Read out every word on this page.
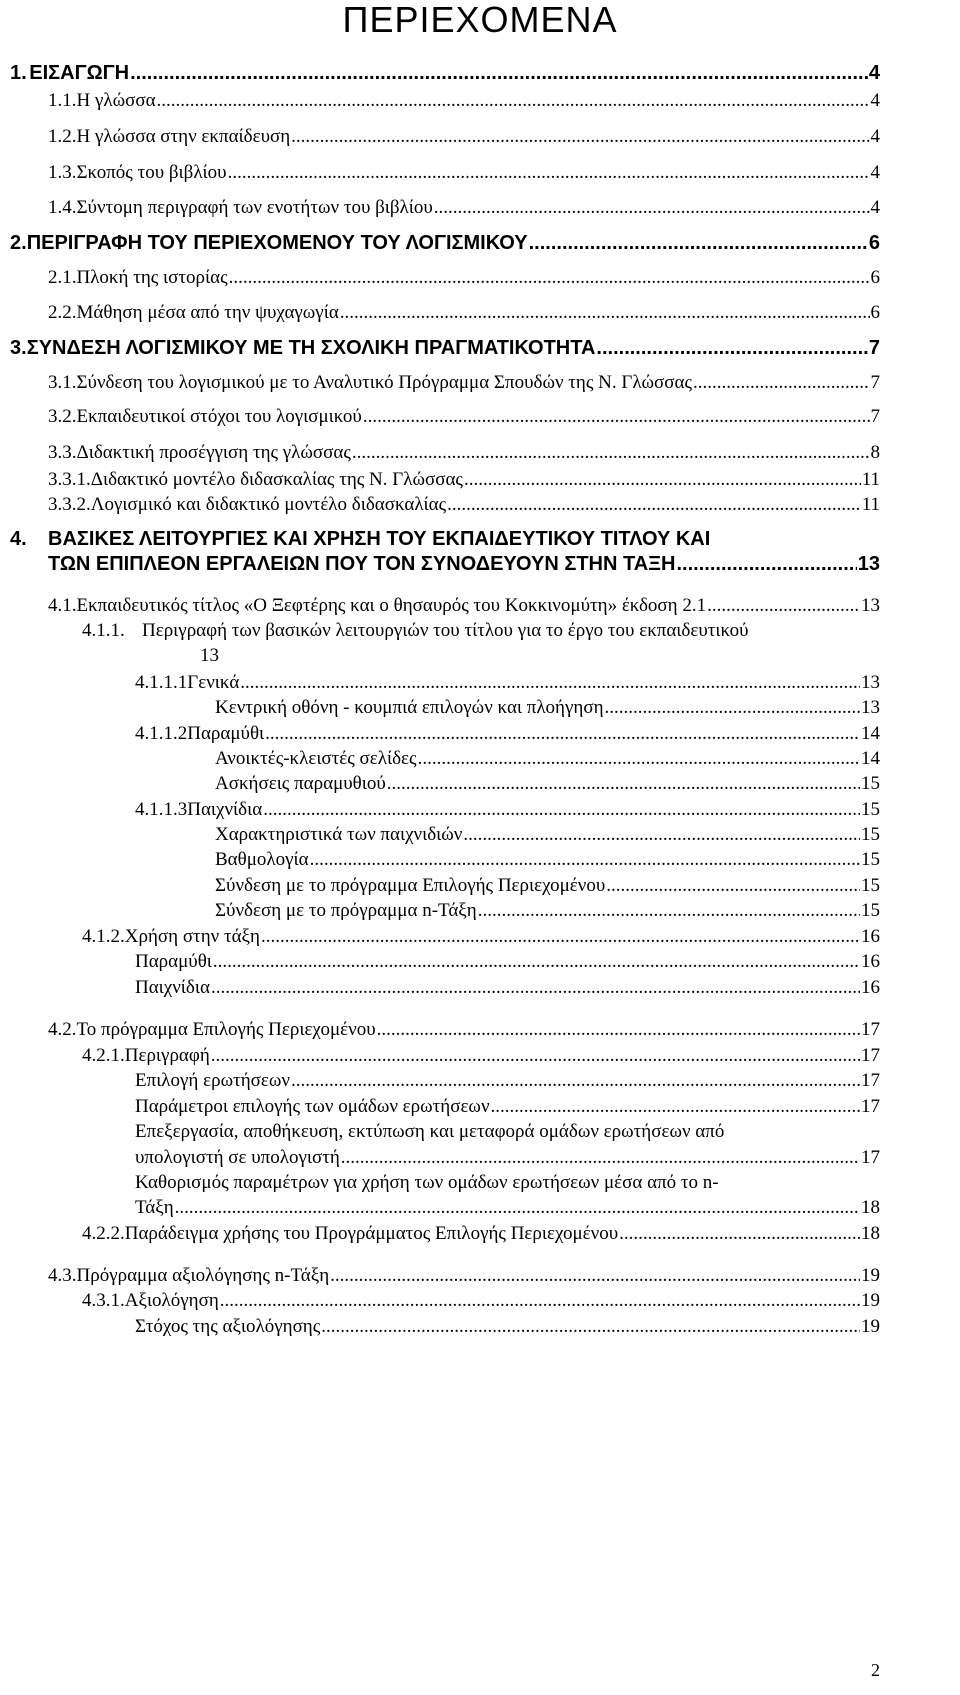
ΠΕΡΙΕΧΟΜΕΝΑ
1. ΕΙΣΑΓΩΓΗ .....	4
1.1. Η γλώσσα .....	4
1.2. Η γλώσσα στην εκπαίδευση .....	4
1.3. Σκοπός του βιβλίου .....	4
1.4. Σύντομη περιγραφή των ενοτήτων του βιβλίου .....	4
2. ΠΕΡΙΓΡΑΦΗ ΤΟΥ ΠΕΡΙΕΧΟΜΕΝΟΥ ΤΟΥ ΛΟΓΙΣΜΙΚΟΥ .....	6
2.1. Πλοκή της ιστορίας .....	6
2.2. Μάθηση μέσα από την ψυχαγωγία .....	6
3. ΣΥΝΔΕΣΗ ΛΟΓΙΣΜΙΚΟΥ ΜΕ ΤΗ ΣΧΟΛΙΚΗ ΠΡΑΓΜΑΤΙΚΟΤΗΤΑ .....	7
3.1. Σύνδεση του λογισμικού με το Αναλυτικό Πρόγραμμα Σπουδών της Ν. Γλώσσας .....	7
3.2. Εκπαιδευτικοί στόχοι του λογισμικού .....	7
3.3. Διδακτική προσέγγιση της γλώσσας .....	8
3.3.1. Διδακτικό μοντέλο διδασκαλίας της Ν. Γλώσσας .....	11
3.3.2. Λογισμικό και διδακτικό μοντέλο διδασκαλίας .....	11
4. ΒΑΣΙΚΕΣ ΛΕΙΤΟΥΡΓΙΕΣ ΚΑΙ ΧΡΗΣΗ ΤΟΥ ΕΚΠΑΙΔΕΥΤΙΚΟΥ ΤΙΤΛΟΥ ΚΑΙ
ΤΩΝ ΕΠΙΠΛΕΟΝ ΕΡΓΑΛΕΙΩΝ ΠΟΥ ΤΟΝ ΣΥΝΟΔΕΥΟΥΝ ΣΤΗΝ ΤΑΞΗ .....	13
4.1. Εκπαιδευτικός τίτλος «Ο Ξεφτέρης και ο θησαυρός του Κοκκινομύτη» έκδοση 2.1 .....	13
4.1.1. Περιγραφή των βασικών λειτουργιών του τίτλου για το έργο του εκπαιδευτικού
13
4.1.1.1 Γενικά .....	13
Κεντρική οθόνη - κουμπιά επιλογών και πλοήγηση .....	13
4.1.1.2 Παραμύθι .....	14
Ανοικτές-κλειστές σελίδες .....	14
Ασκήσεις παραμυθιού .....	15
4.1.1.3 Παιχνίδια .....	15
Χαρακτηριστικά των παιχνιδιών .....	15
Βαθμολογία .....	15
Σύνδεση με το πρόγραμμα Επιλογής Περιεχομένου .....	15
Σύνδεση με το πρόγραμμα n-Τάξη .....	15
4.1.2. Χρήση στην τάξη .....	16
Παραμύθι .....	16
Παιχνίδια .....	16
4.2. Το πρόγραμμα Επιλογής Περιεχομένου .....	17
4.2.1. Περιγραφή .....	17
Επιλογή ερωτήσεων .....	17
Παράμετροι επιλογής των ομάδων ερωτήσεων .....	17
Επεξεργασία, αποθήκευση, εκτύπωση και μεταφορά ομάδων ερωτήσεων από
υπολογιστή σε υπολογιστή .....	17
Καθορισμός παραμέτρων για χρήση των ομάδων ερωτήσεων μέσα από το n-
Τάξη .....	18
4.2.2. Παράδειγμα χρήσης του Προγράμματος Επιλογής Περιεχομένου .....	18
4.3. Πρόγραμμα αξιολόγησης n-Τάξη .....	19
4.3.1. Αξιολόγηση .....	19
Στόχος της αξιολόγησης .....	19
2
